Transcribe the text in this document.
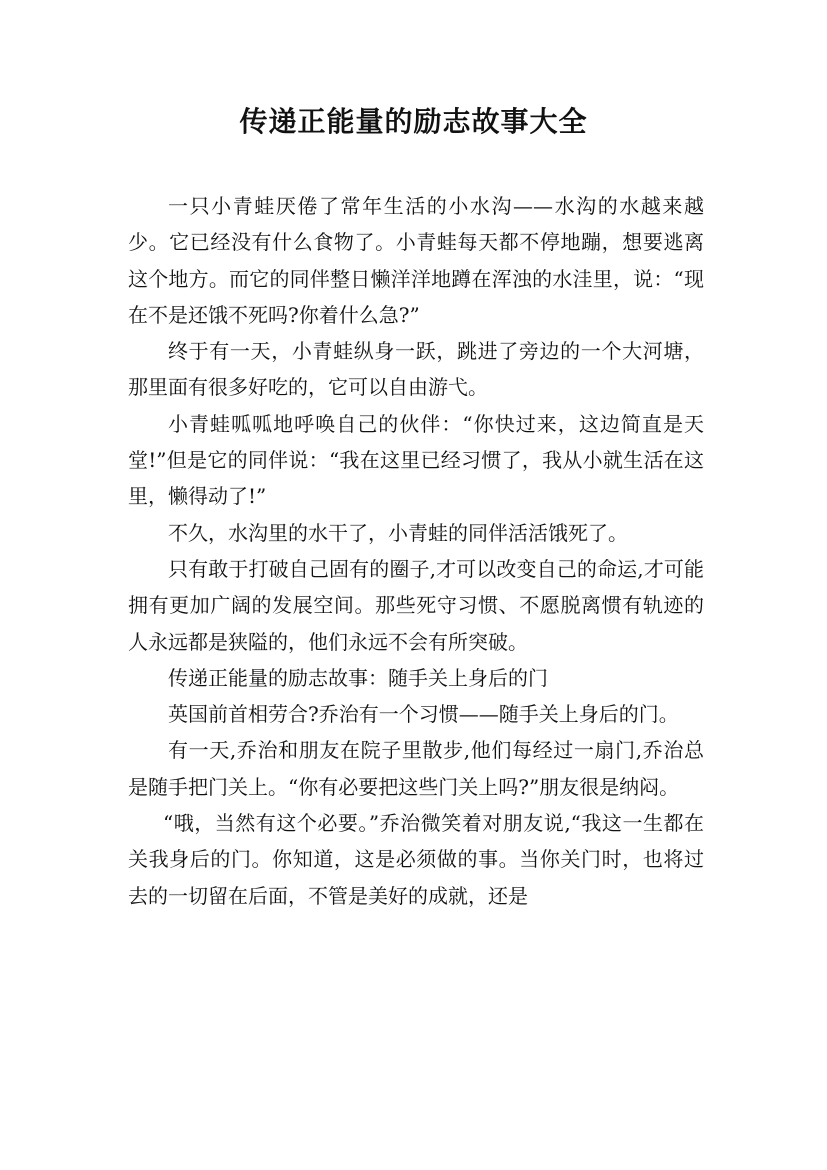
传递正能量的励志故事大全

一只小青蛙厌倦了常年生活的小水沟——水沟的水越来越少。它已经没有什么食物了。小青蛙每天都不停地蹦，想要逃离这个地方。而它的同伴整日懒洋洋地蹲在浑浊的水洼里，说：“现在不是还饿不死吗?你着什么急?”

终于有一天，小青蛙纵身一跃，跳进了旁边的一个大河塘，那里面有很多好吃的，它可以自由游弋。

小青蛙呱呱地呼唤自己的伙伴：“你快过来，这边简直是天堂!”但是它的同伴说：“我在这里已经习惯了，我从小就生活在这里，懒得动了!”

不久，水沟里的水干了，小青蛙的同伴活活饿死了。

只有敢于打破自己固有的圈子,才可以改变自己的命运,才可能拥有更加广阔的发展空间。那些死守习惯、不愿脱离惯有轨迹的人永远都是狭隘的，他们永远不会有所突破。

传递正能量的励志故事：随手关上身后的门

英国前首相劳合?乔治有一个习惯——随手关上身后的门。

有一天,乔治和朋友在院子里散步,他们每经过一扇门,乔治总是随手把门关上。“你有必要把这些门关上吗?”朋友很是纳闷。

“哦，当然有这个必要。”乔治微笑着对朋友说,“我这一生都在关我身后的门。你知道，这是必须做的事。当你关门时，也将过去的一切留在后面，不管是美好的成就，还是
